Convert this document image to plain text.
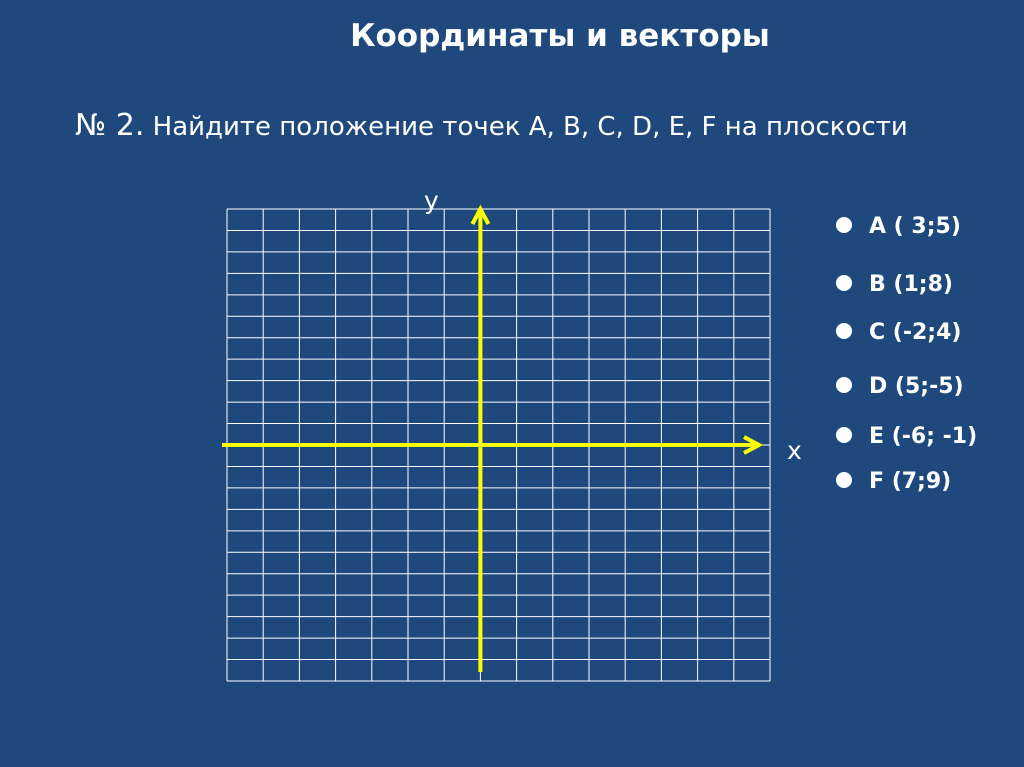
Координаты и векторы
№ 2. Найдите положение точек A, B, C, D, E, F на плоскости
y
x
A ( 3;5)
B (1;8)
C (-2;4)
D (5;-5)
E (-6; -1)
F (7;9)
